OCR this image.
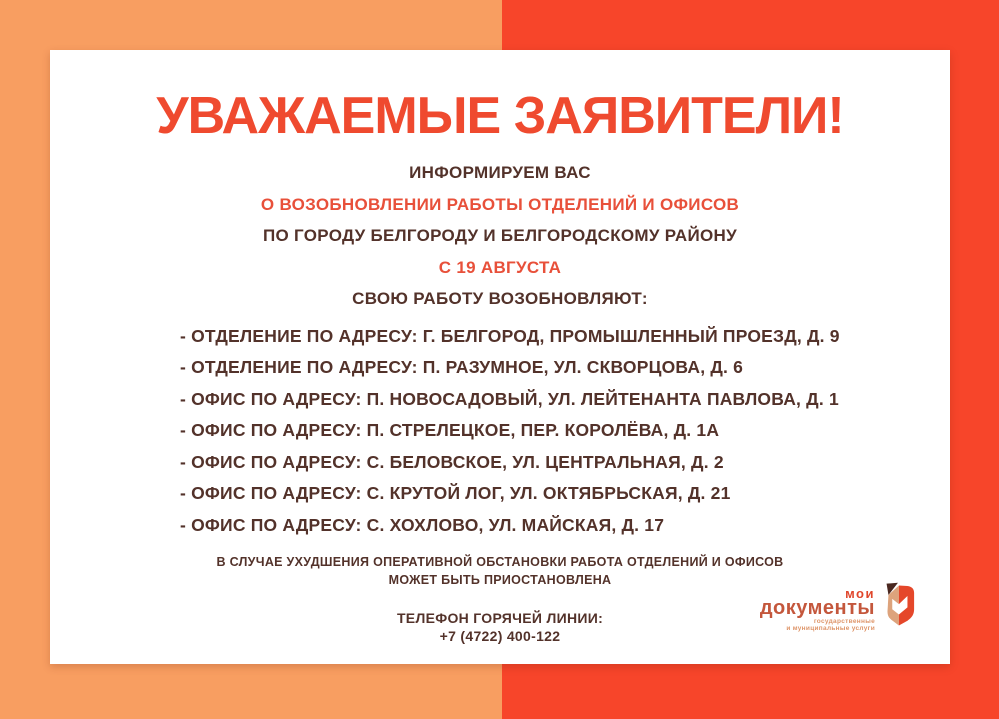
УВАЖАЕМЫЕ ЗАЯВИТЕЛИ!
ИНФОРМИРУЕМ ВАС
О ВОЗОБНОВЛЕНИИ РАБОТЫ ОТДЕЛЕНИЙ И ОФИСОВ
ПО ГОРОДУ БЕЛГОРОДУ И БЕЛГОРОДСКОМУ РАЙОНУ
С 19 АВГУСТА
СВОЮ РАБОТУ ВОЗОБНОВЛЯЮТ:
- ОТДЕЛЕНИЕ ПО АДРЕСУ: Г. БЕЛГОРОД, ПРОМЫШЛЕННЫЙ ПРОЕЗД, Д. 9
- ОТДЕЛЕНИЕ ПО АДРЕСУ: П. РАЗУМНОЕ, УЛ. СКВОРЦОВА, Д. 6
- ОФИС ПО АДРЕСУ: П. НОВОСАДОВЫЙ, УЛ. ЛЕЙТЕНАНТА ПАВЛОВА, Д. 1
- ОФИС ПО АДРЕСУ: П. СТРЕЛЕЦКОЕ, ПЕР. КОРОЛЁВА, Д. 1А
- ОФИС ПО АДРЕСУ: С. БЕЛОВСКОЕ, УЛ. ЦЕНТРАЛЬНАЯ, Д. 2
- ОФИС ПО АДРЕСУ: С. КРУТОЙ ЛОГ, УЛ. ОКТЯБРЬСКАЯ, Д. 21
- ОФИС ПО АДРЕСУ: С. ХОХЛОВО, УЛ. МАЙСКАЯ, Д. 17
В СЛУЧАЕ УХУДШЕНИЯ ОПЕРАТИВНОЙ ОБСТАНОВКИ РАБОТА ОТДЕЛЕНИЙ И ОФИСОВ
МОЖЕТ БЫТЬ ПРИОСТАНОВЛЕНА
ТЕЛЕФОН ГОРЯЧЕЙ ЛИНИИ:
+7 (4722) 400-122
мои
документы
государственные
и муниципальные услуги
